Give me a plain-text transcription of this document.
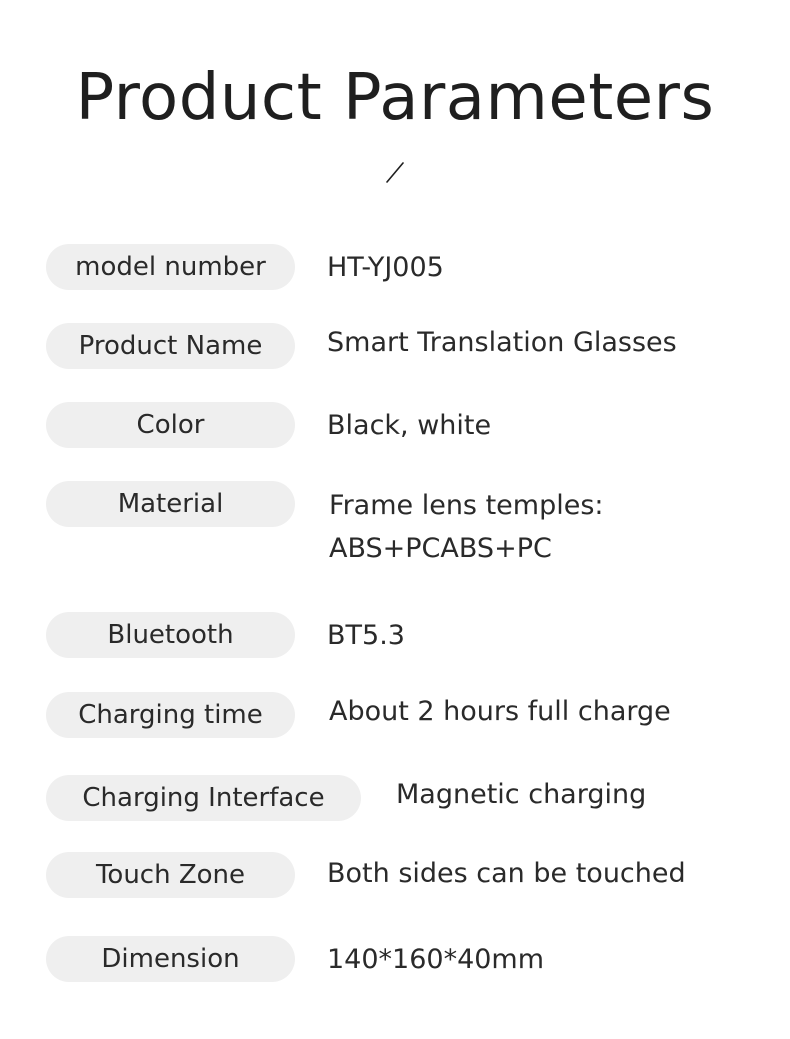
Product Parameters
model number	HT-YJ005
Product Name	Smart Translation Glasses
Color	Black, white
Material	Frame lens temples:
ABS+PCABS+PC
Bluetooth	BT5.3
Charging time	About 2 hours full charge
Charging Interface	Magnetic charging
Touch Zone	Both sides can be touched
Dimension	140*160*40mm
